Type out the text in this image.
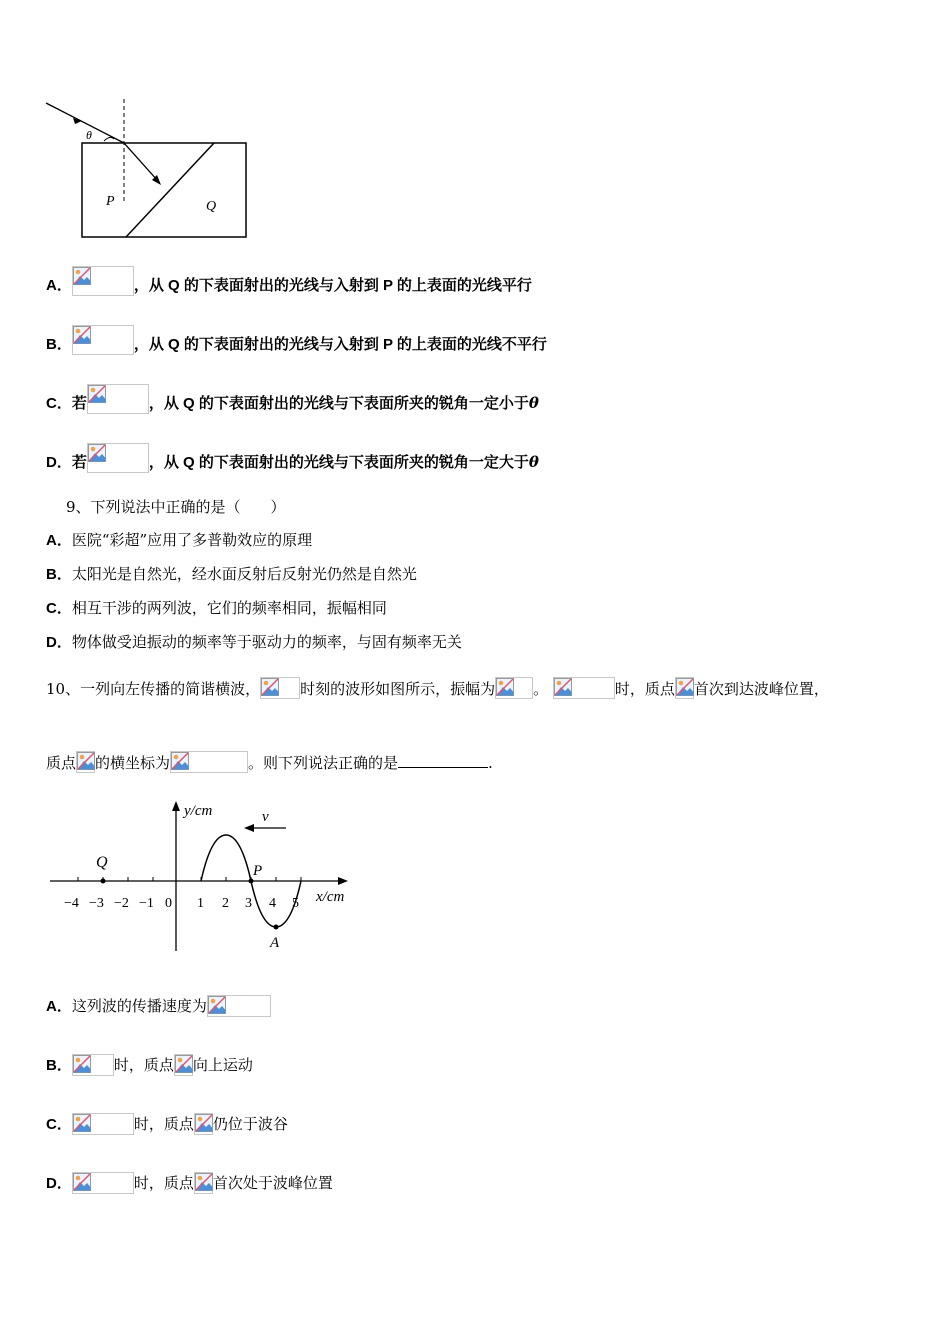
θ
P	Q
A．	，从 Q 的下表面射出的光线与入射到 P 的上表面的光线平行
B．	，从 Q 的下表面射出的光线与入射到 P 的上表面的光线不平行
C．若	，从 Q 的下表面射出的光线与下表面所夹的锐角一定小于θ
D．若	，从 Q 的下表面射出的光线与下表面所夹的锐角一定大于θ
9、下列说法中正确的是（　　）
A．医院“彩超”应用了多普勒效应的原理
B．太阳光是自然光，经水面反射后反射光仍然是自然光
C．相互干涉的两列波，它们的频率相同，振幅相同
D．物体做受迫振动的频率等于驱动力的频率，与固有频率无关
10、一列向左传播的简谐横波，	时刻的波形如图所示，振幅为	。	时，质点 首次到达波峰位置，
质点 的横坐标为	。则下列说法正确的是	.
−4 −3 −2 −1 0 1 2 3 4 5
Q	P
A
y/cm
x/cm
v
A．这列波的传播速度为
B．	时，质点 向上运动
C．	时，质点 仍位于波谷
D．	时，质点 首次处于波峰位置
